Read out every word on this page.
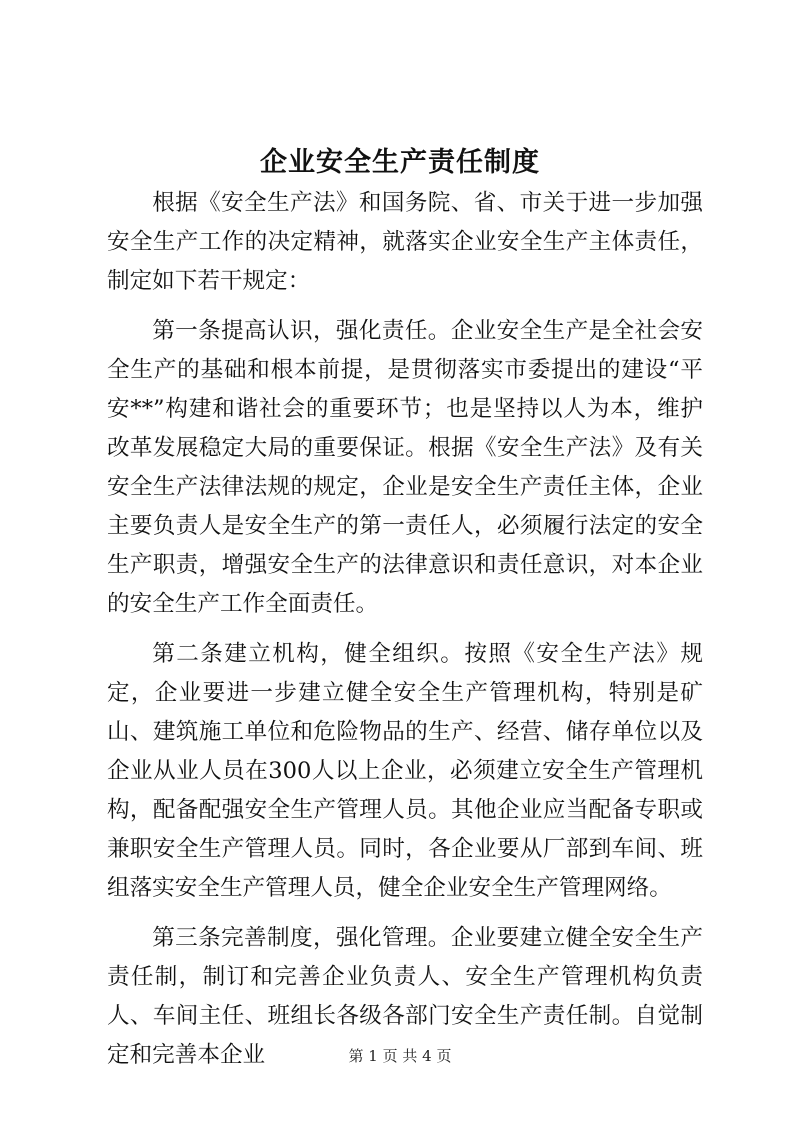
企业安全生产责任制度

根据《安全生产法》和国务院、省、市关于进一步加强安全生产工作的决定精神，就落实企业安全生产主体责任，制定如下若干规定：

第一条提高认识，强化责任。企业安全生产是全社会安全生产的基础和根本前提，是贯彻落实市委提出的建设“平安**”构建和谐社会的重要环节；也是坚持以人为本，维护改革发展稳定大局的重要保证。根据《安全生产法》及有关安全生产法律法规的规定，企业是安全生产责任主体，企业主要负责人是安全生产的第一责任人，必须履行法定的安全生产职责，增强安全生产的法律意识和责任意识，对本企业的安全生产工作全面责任。

第二条建立机构，健全组织。按照《安全生产法》规定，企业要进一步建立健全安全生产管理机构，特别是矿山、建筑施工单位和危险物品的生产、经营、储存单位以及企业从业人员在300人以上企业，必须建立安全生产管理机构，配备配强安全生产管理人员。其他企业应当配备专职或兼职安全生产管理人员。同时，各企业要从厂部到车间、班组落实安全生产管理人员，健全企业安全生产管理网络。

第三条完善制度，强化管理。企业要建立健全安全生产责任制，制订和完善企业负责人、安全生产管理机构负责人、车间主任、班组长各级各部门安全生产责任制。自觉制定和完善本企业	第 1 页 共 4 页
